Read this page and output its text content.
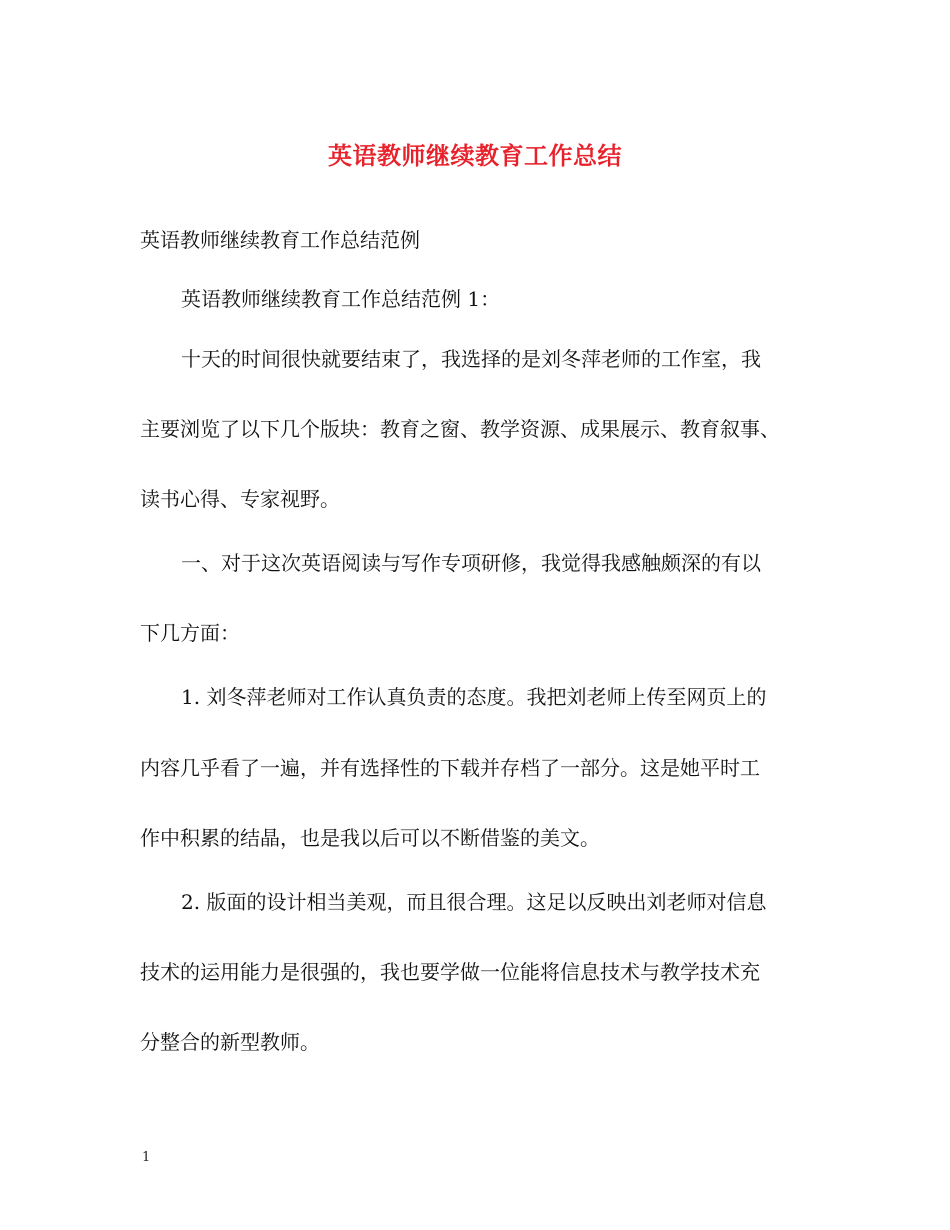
英语教师继续教育工作总结
英语教师继续教育工作总结范例
英语教师继续教育工作总结范例 1：
十天的时间很快就要结束了，我选择的是刘冬萍老师的工作室，我
主要浏览了以下几个版块：教育之窗、教学资源、成果展示、教育叙事、
读书心得、专家视野。
一、对于这次英语阅读与写作专项研修，我觉得我感触颇深的有以
下几方面：
1. 刘冬萍老师对工作认真负责的态度。我把刘老师上传至网页上的
内容几乎看了一遍，并有选择性的下载并存档了一部分。这是她平时工
作中积累的结晶，也是我以后可以不断借鉴的美文。
2. 版面的设计相当美观，而且很合理。这足以反映出刘老师对信息
技术的运用能力是很强的，我也要学做一位能将信息技术与教学技术充
分整合的新型教师。
1
